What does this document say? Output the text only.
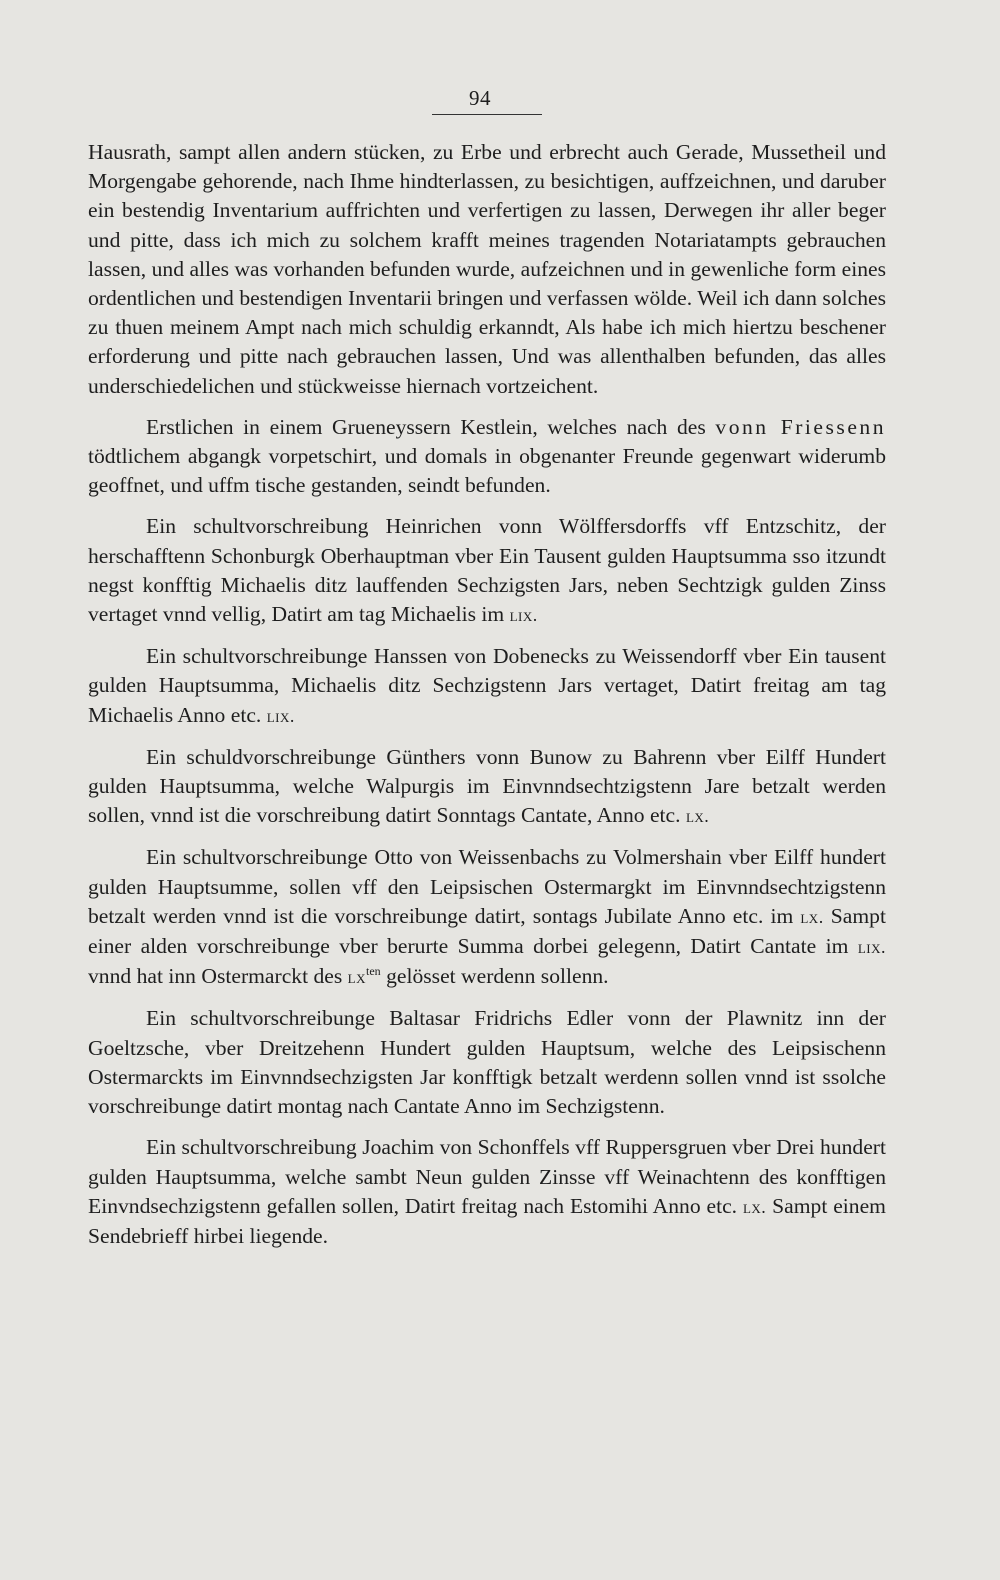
94

Hausrath, sampt allen andern stücken, zu Erbe und erbrecht auch Gerade, Mussetheil und Morgengabe gehorende, nach Ihme hindterlassen, zu besichtigen, auffzeichnen, und daruber ein bestendig Inventarium auffrichten und verfertigen zu lassen, Derwegen ihr aller beger und pitte, dass ich mich zu solchem krafft meines tragenden Notariatampts gebrauchen lassen, und alles was vorhanden befunden wurde, aufzeichnen und in gewenliche form eines ordentlichen und bestendigen Inventarii bringen und verfassen wölde. Weil ich dann solches zu thuen meinem Ampt nach mich schuldig erkanndt, Als habe ich mich hiertzu beschener erforderung und pitte nach gebrauchen lassen, Und was allenthalben befunden, das alles underschiedelichen und stückweisse hiernach vortzeichent.

Erstlichen in einem Grueneyssern Kestlein, welches nach des vonn Friessenn tödtlichem abgangk vorpetschirt, und domals in obgenanter Freunde gegenwart widerumb geoffnet, und uffm tische gestanden, seindt befunden.

Ein schultvorschreibung Heinrichen vonn Wölffersdorffs vff Entzschitz, der herschafftenn Schonburgk Oberhauptman vber Ein Tausent gulden Hauptsumma sso itzundt negst konfftig Michaelis ditz lauffenden Sechzigsten Jars, neben Sechtzigk gulden Zinss vertaget vnnd vellig, Datirt am tag Michaelis im lix.

Ein schultvorschreibunge Hanssen von Dobenecks zu Weissendorff vber Ein tausent gulden Hauptsumma, Michaelis ditz Sechzigstenn Jars vertaget, Datirt freitag am tag Michaelis Anno etc. lix.

Ein schuldvorschreibunge Günthers vonn Bunow zu Bahrenn vber Eilff Hundert gulden Hauptsumma, welche Walpurgis im Einvnndsechtzigstenn Jare betzalt werden sollen, vnnd ist die vorschreibung datirt Sonntags Cantate, Anno etc. lx.

Ein schultvorschreibunge Otto von Weissenbachs zu Volmershain vber Eilff hundert gulden Hauptsumme, sollen vff den Leipsischen Ostermargkt im Einvnndsechtzigstenn betzalt werden vnnd ist die vorschreibunge datirt, sontags Jubilate Anno etc. im lx. Sampt einer alden vorschreibunge vber berurte Summa dorbei gelegenn, Datirt Cantate im lix. vnnd hat inn Ostermarckt des $lx^{ten}$ gelösset werdenn sollenn.

Ein schultvorschreibunge Baltasar Fridrichs Edler vonn der Plawnitz inn der Goeltzsche, vber Dreitzehenn Hundert gulden Hauptsum, welche des Leipsischenn Ostermarckts im Einvnndsechzigsten Jar konfftigk betzalt werdenn sollen vnnd ist ssolche vorschreibunge datirt montag nach Cantate Anno im Sechzigstenn.

Ein schultvorschreibung Joachim von Schonffels vff Ruppersgruen vber Drei hundert gulden Hauptsumma, welche sambt Neun gulden Zinsse vff Weinachtenn des konfftigen Einvndsechzigstenn gefallen sollen, Datirt freitag nach Estomihi Anno etc. lx. Sampt einem Sendebrieff hirbei liegende.
